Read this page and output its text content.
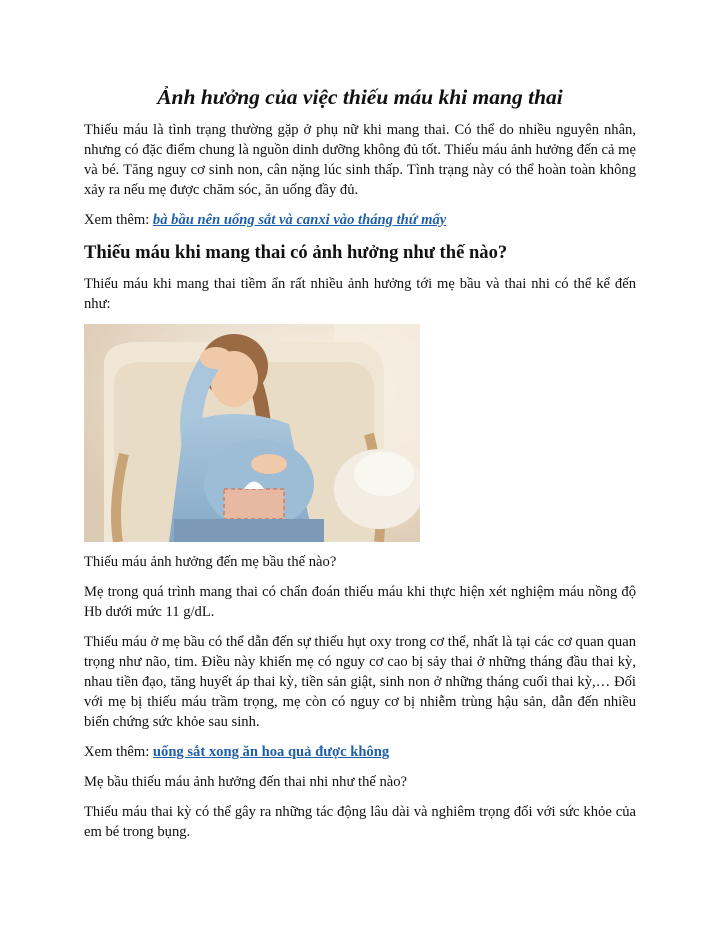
Ảnh hưởng của việc thiếu máu khi mang thai

Thiếu máu là tình trạng thường gặp ở phụ nữ khi mang thai. Có thể do nhiều nguyên nhân, nhưng có đặc điểm chung là nguồn dinh dưỡng không đủ tốt. Thiếu máu ảnh hưởng đến cả mẹ và bé. Tăng nguy cơ sinh non, cân nặng lúc sinh thấp. Tình trạng này có thể hoàn toàn không xảy ra nếu mẹ được chăm sóc, ăn uống đầy đủ.

Xem thêm: bà bầu nên uống sắt và canxi vào tháng thứ mấy

Thiếu máu khi mang thai có ảnh hưởng như thế nào?

Thiếu máu khi mang thai tiềm ẩn rất nhiều ảnh hưởng tới mẹ bầu và thai nhi có thể kể đến như:

Thiếu máu ảnh hưởng đến mẹ bầu thế nào?

Mẹ trong quá trình mang thai có chẩn đoán thiếu máu khi thực hiện xét nghiệm máu nồng độ Hb dưới mức 11 g/dL.

Thiếu máu ở mẹ bầu có thể dẫn đến sự thiếu hụt oxy trong cơ thể, nhất là tại các cơ quan quan trọng như não, tim. Điều này khiến mẹ có nguy cơ cao bị sảy thai ở những tháng đầu thai kỳ, nhau tiền đạo, tăng huyết áp thai kỳ, tiền sản giật, sinh non ở những tháng cuối thai kỳ,… Đối với mẹ bị thiếu máu trầm trọng, mẹ còn có nguy cơ bị nhiễm trùng hậu sản, dẫn đến nhiều biến chứng sức khỏe sau sinh.

Xem thêm: uống sắt xong ăn hoa quả được không

Mẹ bầu thiếu máu ảnh hưởng đến thai nhi như thế nào?

Thiếu máu thai kỳ có thể gây ra những tác động lâu dài và nghiêm trọng đối với sức khỏe của em bé trong bụng.
